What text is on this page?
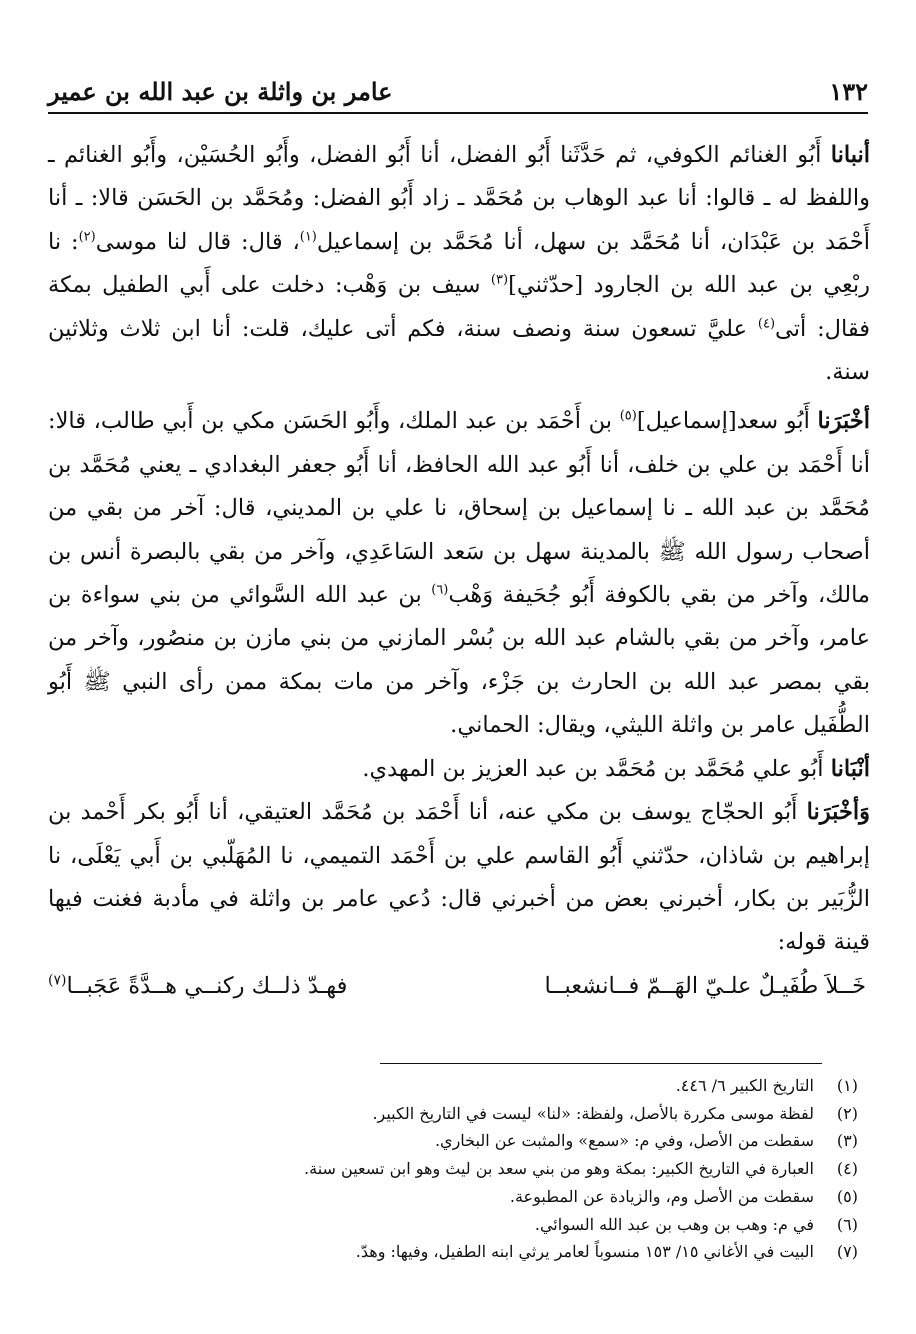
١٣٢
عامر بن واثلة بن عبد الله بن عمير

أنبانا أَبُو الغنائم الكوفي، ثم حَدَّثَنا أَبُو الفضل، أنا أَبُو الفضل، وأَبُو الحُسَيْن، وأَبُو الغنائم ـ واللفظ له ـ قالوا: أنا عبد الوهاب بن مُحَمَّد ـ زاد أَبُو الفضل: ومُحَمَّد بن الحَسَن قالا: ـ أنا أَحْمَد بن عَبْدَان، أنا مُحَمَّد بن سهل، أنا مُحَمَّد بن إسماعيل$^{(١)}$، قال: قال لنا موسى$^{(٢)}$: نا ربْعِي بن عبد الله بن الجارود [حدّثني]$^{(٣)}$ سيف بن وَهْب: دخلت على أَبي الطفيل بمكة فقال: أتى$^{(٤)}$ عليَّ تسعون سنة ونصف سنة، فكم أتى عليك، قلت: أنا ابن ثلاث وثلاثين سنة.

أخْبَرَنا أَبُو سعد[إسماعيل]$^{(٥)}$ بن أَحْمَد بن عبد الملك، وأَبُو الحَسَن مكي بن أَبي طالب، قالا: أنا أَحْمَد بن علي بن خلف، أنا أَبُو عبد الله الحافظ، أنا أَبُو جعفر البغدادي ـ يعني مُحَمَّد بن مُحَمَّد بن عبد الله ـ نا إسماعيل بن إسحاق، نا علي بن المديني، قال: آخر من بقي من أصحاب رسول الله ﷺ بالمدينة سهل بن سَعد السَاعَدِي، وآخر من بقي بالبصرة أنس بن مالك، وآخر من بقي بالكوفة أَبُو جُحَيفة وَهْب$^{(٦)}$ بن عبد الله السَّوائي من بني سواءة بن عامر، وآخر من بقي بالشام عبد الله بن بُسْر المازني من بني مازن بن منصُور، وآخر من بقي بمصر عبد الله بن الحارث بن جَزْء، وآخر من مات بمكة ممن رأى النبي ﷺ أَبُو الطُّفَيل عامر بن واثلة الليثي، ويقال: الحماني.

أنْبَانا أَبُو علي مُحَمَّد بن مُحَمَّد بن عبد العزيز بن المهدي.

وَأخْبَرَنا أَبُو الحجّاج يوسف بن مكي عنه، أنا أَحْمَد بن مُحَمَّد العتيقي، أنا أَبُو بكر أَحْمد بن إبراهيم بن شاذان، حدّثني أَبُو القاسم علي بن أَحْمَد التميمي، نا المُهَلّبي بن أَبي يَعْلَى، نا الزُّبَير بن بكار، أخبرني بعض من أخبرني قال: دُعي عامر بن واثلة في مأدبة فغنت فيها قينة قوله:

خَــلاَ طُفَيـلٌ علـيّ الهَــمّ فــانشعبــا
فهـدّ ذلــك ركنــي هــدَّةً عَجَبــا$^{(٧)}$
(١)
التاريخ الكبير ٦/ ٤٤٦.
(٢)
لفظة موسى مكررة بالأصل، ولفظة: «لنا» ليست في التاريخ الكبير.
(٣)
سقطت من الأصل، وفي م: «سمع» والمثبت عن البخاري.
(٤)
العبارة في التاريخ الكبير: بمكة وهو من بني سعد بن ليث وهو ابن تسعين سنة.
(٥)
سقطت من الأصل وم، والزيادة عن المطبوعة.
(٦)
في م: وهب بن وهب بن عبد الله السوائي.
(٧)
البيت في الأغاني ١٥/ ١٥٣ منسوباً لعامر يرثي ابنه الطفيل، وفيها: وهدّ.
